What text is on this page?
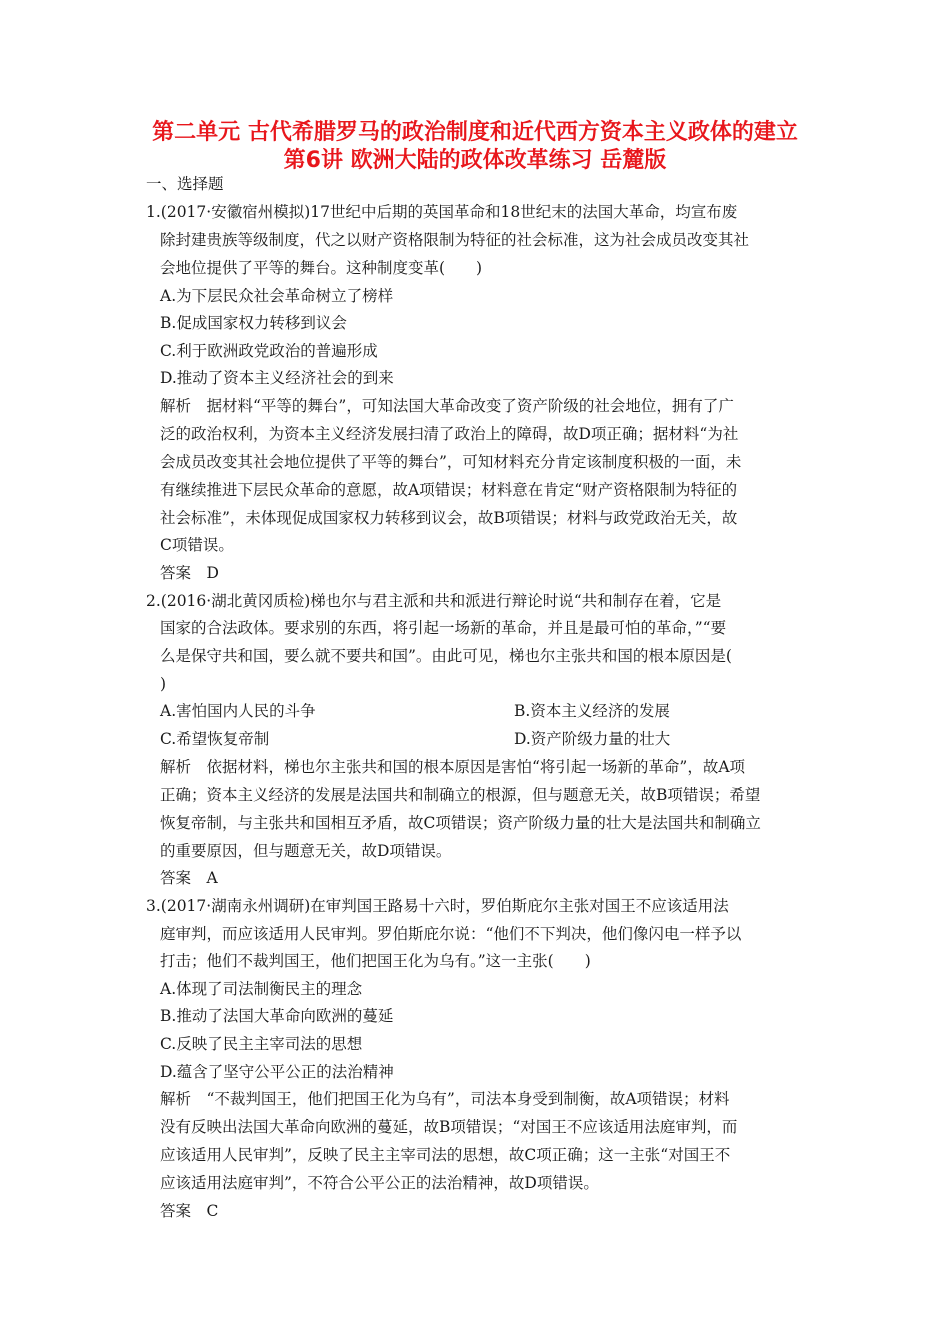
第二单元 古代希腊罗马的政治制度和近代西方资本主义政体的建立
第6讲 欧洲大陆的政体改革练习 岳麓版
一、选择题
1.(2017·安徽宿州模拟)17世纪中后期的英国革命和18世纪末的法国大革命，均宣布废
除封建贵族等级制度，代之以财产资格限制为特征的社会标准，这为社会成员改变其社
会地位提供了平等的舞台。这种制度变革(　　)
A.为下层民众社会革命树立了榜样
B.促成国家权力转移到议会
C.利于欧洲政党政治的普遍形成
D.推动了资本主义经济社会的到来
解析　据材料“平等的舞台”，可知法国大革命改变了资产阶级的社会地位，拥有了广
泛的政治权利，为资本主义经济发展扫清了政治上的障碍，故D项正确；据材料“为社
会成员改变其社会地位提供了平等的舞台”，可知材料充分肯定该制度积极的一面，未
有继续推进下层民众革命的意愿，故A项错误；材料意在肯定“财产资格限制为特征的
社会标准”，未体现促成国家权力转移到议会，故B项错误；材料与政党政治无关，故
C项错误。
答案　D
2.(2016·湖北黄冈质检)梯也尔与君主派和共和派进行辩论时说“共和制存在着，它是
国家的合法政体。要求别的东西，将引起一场新的革命，并且是最可怕的革命，”“要
么是保守共和国，要么就不要共和国”。由此可见，梯也尔主张共和国的根本原因是(
)
A.害怕国内人民的斗争	B.资本主义经济的发展
C.希望恢复帝制	D.资产阶级力量的壮大
解析　依据材料，梯也尔主张共和国的根本原因是害怕“将引起一场新的革命”，故A项
正确；资本主义经济的发展是法国共和制确立的根源，但与题意无关，故B项错误；希望
恢复帝制，与主张共和国相互矛盾，故C项错误；资产阶级力量的壮大是法国共和制确立
的重要原因，但与题意无关，故D项错误。
答案　A
3.(2017·湖南永州调研)在审判国王路易十六时，罗伯斯庇尔主张对国王不应该适用法
庭审判，而应该适用人民审判。罗伯斯庇尔说：“他们不下判决，他们像闪电一样予以
打击；他们不裁判国王，他们把国王化为乌有。”这一主张(　　)
A.体现了司法制衡民主的理念
B.推动了法国大革命向欧洲的蔓延
C.反映了民主主宰司法的思想
D.蕴含了坚守公平公正的法治精神
解析　“不裁判国王，他们把国王化为乌有”，司法本身受到制衡，故A项错误；材料
没有反映出法国大革命向欧洲的蔓延，故B项错误；“对国王不应该适用法庭审判，而
应该适用人民审判”，反映了民主主宰司法的思想，故C项正确；这一主张“对国王不
应该适用法庭审判”，不符合公平公正的法治精神，故D项错误。
答案　C
